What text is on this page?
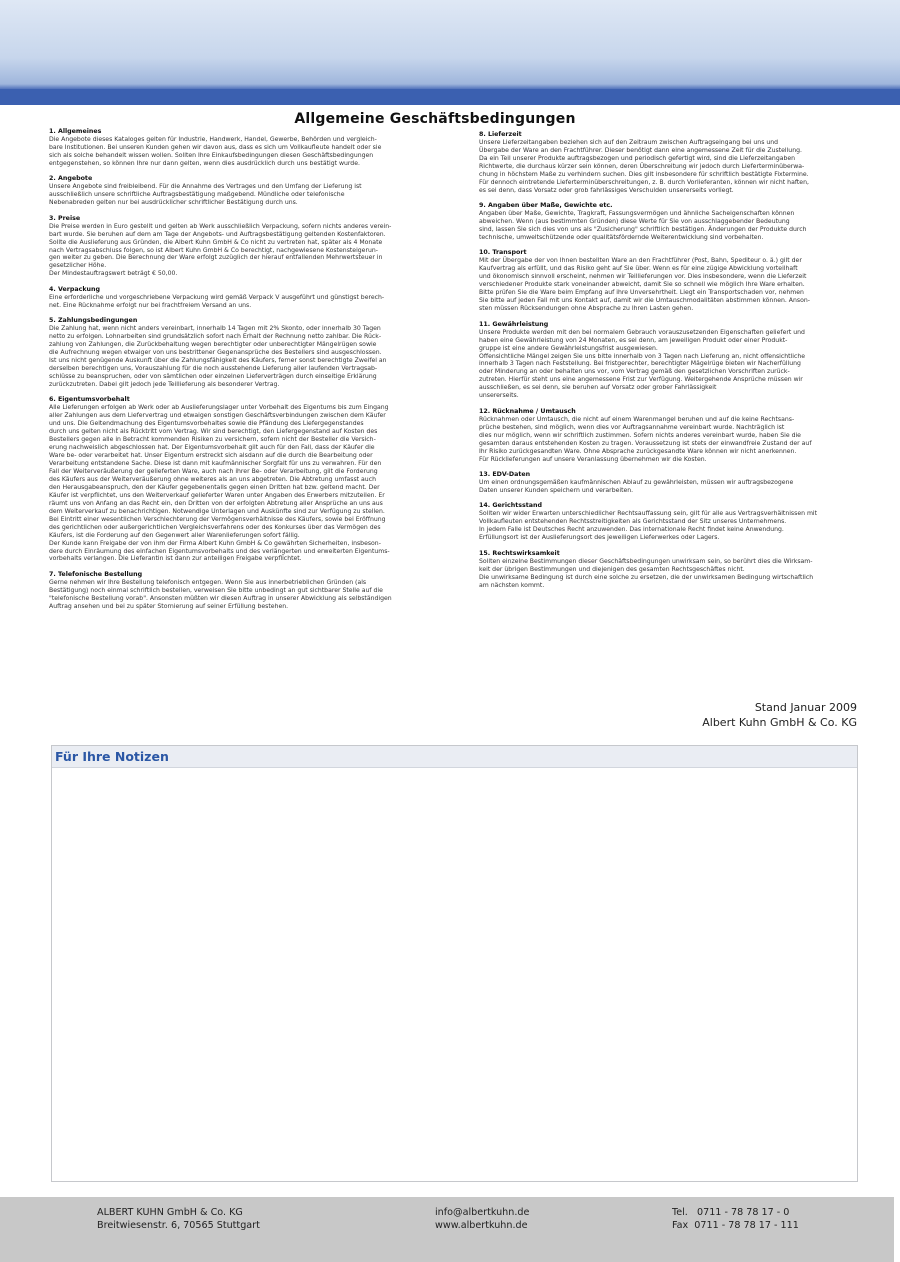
Allgemeine Geschäftsbedingungen
1. Allgemeines

Die Angebote dieses Kataloges gelten für Industrie, Handwerk, Handel, Gewerbe, Behörden und vergleich-
bare Institutionen. Bei unseren Kunden gehen wir davon aus, dass es sich um Vollkaufleute handelt oder sie
sich als solche behandelt wissen wollen. Sollten Ihre Einkaufsbedingungen diesen Geschäftsbedingungen
entgegenstehen, so können Ihre nur dann gelten, wenn dies ausdrücklich durch uns bestätigt wurde.

2. Angebote

Unsere Angebote sind freibleibend. Für die Annahme des Vertrages und den Umfang der Lieferung ist
ausschließlich unsere schriftliche Auftragsbestätigung maßgebend. Mündliche oder telefonische
Nebenabreden gelten nur bei ausdrücklicher schriftlicher Bestätigung durch uns.

3. Preise

Die Preise werden in Euro gestellt und gelten ab Werk ausschließlich Verpackung, sofern nichts anderes verein-
bart wurde. Sie beruhen auf dem am Tage der Angebots- und Auftragsbestätigung geltenden Kostenfaktoren.
Sollte die Auslieferung aus Gründen, die Albert Kuhn GmbH & Co nicht zu vertreten hat, später als 4 Monate
nach Vertragsabschluss folgen, so ist Albert Kuhn GmbH & Co berechtigt, nachgewiesene Kostensteigerun-
gen weiter zu geben. Die Berechnung der Ware erfolgt zuzüglich der hierauf entfallenden Mehrwertsteuer in
gesetzlicher Höhe.
Der Mindestauftragswert beträgt € 50,00.

4. Verpackung

Eine erforderliche und vorgeschriebene Verpackung wird gemäß Verpack V ausgeführt und günstigst berech-
net. Eine Rücknahme erfolgt nur bei frachtfreiem Versand an uns.

5. Zahlungsbedingungen

Die Zahlung hat, wenn nicht anders vereinbart, innerhalb 14 Tagen mit 2% Skonto, oder innerhalb 30 Tagen
netto zu erfolgen. Lohnarbeiten sind grundsätzlich sofort nach Erhalt der Rechnung netto zahlbar. Die Rück-
zahlung von Zahlungen, die Zurückbehaltung wegen berechtigter oder unberechtigter Mängelrügen sowie
die Aufrechnung wegen etwaiger von uns bestrittener Gegenansprüche des Bestellers sind ausgeschlossen.
Ist uns nicht genügende Auskunft über die Zahlungsfähigkeit des Käufers, ferner sonst berechtigte Zweifel an
derselben berechtigen uns, Vorauszahlung für die noch ausstehende Lieferung aller laufenden Vertragsab-
schlüsse zu beanspruchen, oder von sämtlichen oder einzelnen Lieferverträgen durch einseitige Erklärung
zurückzutreten. Dabei gilt jedoch jede Teillieferung als besonderer Vertrag.

6. Eigentumsvorbehalt

Alle Lieferungen erfolgen ab Werk oder ab Auslieferungslager unter Vorbehalt des Eigentums bis zum Eingang
aller Zahlungen aus dem Liefervertrag und etwaigen sonstigen Geschäftsverbindungen zwischen dem Käufer
und uns. Die Geltendmachung des Eigentumsvorbehaltes sowie die Pfändung des Liefergegenstandes
durch uns gelten nicht als Rücktritt vom Vertrag. Wir sind berechtigt, den Liefergegenstand auf Kosten des
Bestellers gegen alle in Betracht kommenden Risiken zu versichern, sofern nicht der Besteller die Versich-
erung nachweislich abgeschlossen hat. Der Eigentumsvorbehalt gilt auch für den Fall, dass der Käufer die
Ware be- oder verarbeitet hat. Unser Eigentum erstreckt sich alsdann auf die durch die Bearbeitung oder
Verarbeitung entstandene Sache. Diese ist dann mit kaufmännischer Sorgfalt für uns zu verwahren. Für den
Fall der Weiterveräußerung der gelieferten Ware, auch nach ihrer Be- oder Verarbeitung, gilt die Forderung
des Käufers aus der Weiterveräußerung ohne weiteres als an uns abgetreten. Die Abtretung umfasst auch
den Herausgabeanspruch, den der Käufer gegebenentalls gegen einen Dritten hat bzw. geltend macht. Der
Käufer ist verpflichtet, uns den Weiterverkauf gelieferter Waren unter Angaben des Erwerbers mitzuteilen. Er
räumt uns von Anfang an das Recht ein, den Dritten von der erfolgten Abtretung aller Ansprüche an uns aus
dem Weiterverkauf zu benachrichtigen. Notwendige Unterlagen und Auskünfte sind zur Verfügung zu stellen.
Bei Eintritt einer wesentlichen Verschlechterung der Vermögensverhältnisse des Käufers, sowie bei Eröffnung
des gerichtlichen oder außergerichtlichen Vergleichsverfahrens oder des Konkurses über das Vermögen des
Käufers, ist die Forderung auf den Gegenwert aller Warenlieferungen sofort fällig.
Der Kunde kann Freigabe der von ihm der Firma Albert Kuhn GmbH & Co gewährten Sicherheiten, insbeson-
dere durch Einräumung des einfachen Eigentumsvorbehalts und des verlängerten und erweiterten Eigentums-
vorbehalts verlangen. Die Lieferantin ist dann zur anteiligen Freigabe verpflichtet.

7. Telefonische Bestellung

Gerne nehmen wir Ihre Bestellung telefonisch entgegen. Wenn Sie aus innerbetrieblichen Gründen (als
Bestätigung) noch einmal schriftlich bestellen, verweisen Sie bitte unbedingt an gut sichtbarer Stelle auf die
"telefonische Bestellung vorab". Ansonsten müßten wir diesen Auftrag in unserer Abwicklung als selbständigen
Auftrag ansehen und bei zu später Stornierung auf seiner Erfüllung bestehen.

8. Lieferzeit

Unsere Lieferzeitangaben beziehen sich auf den Zeitraum zwischen Auftragseingang bei uns und
Übergabe der Ware an den Frachtführer. Dieser benötigt dann eine angemessene Zeit für die Zustellung.
Da ein Teil unserer Produkte auftragsbezogen und periodisch gefertigt wird, sind die Lieferzeitangaben
Richtwerte, die durchaus kürzer sein können, deren Überschreitung wir jedoch durch Lieferterminüberwa-
chung in höchstem Maße zu verhindern suchen. Dies gilt insbesondere für schriftlich bestätigte Fixtermine.
Für dennoch eintretende Lieferterminüberschreitungen, z. B. durch Vorlieferanten, können wir nicht haften,
es sei denn, dass Vorsatz oder grob fahrlässiges Verschulden unsererseits vorliegt.

9. Angaben über Maße, Gewichte etc.

Angaben über Maße, Gewichte, Tragkraft, Fassungsvermögen und ähnliche Sacheigenschaften können
abweichen. Wenn (aus bestimmten Gründen) diese Werte für Sie von ausschlaggebender Bedeutung
sind, lassen Sie sich dies von uns als "Zusicherung" schriftlich bestätigen. Änderungen der Produkte durch
technische, umweltschützende oder qualitätsfördernde Weiterentwicklung sind vorbehalten.

10. Transport

Mit der Übergabe der von Ihnen bestellten Ware an den Frachtführer (Post, Bahn, Spediteur o. ä.) gilt der
Kaufvertrag als erfüllt, und das Risiko geht auf Sie über. Wenn es für eine zügige Abwicklung vorteilhaft
und ökonomisch sinnvoll erscheint, nehmen wir Teillieferungen vor. Dies insbesondere, wenn die Lieferzeit
verschiedener Produkte stark voneinander abweicht, damit Sie so schnell wie möglich Ihre Ware erhalten.
Bitte prüfen Sie die Ware beim Empfang auf ihre Unversehrtheit. Liegt ein Transportschaden vor, nehmen
Sie bitte auf jeden Fall mit uns Kontakt auf, damit wir die Umtauschmodalitäten abstimmen können. Anson-
sten müssen Rücksendungen ohne Absprache zu Ihren Lasten gehen.

11. Gewährleistung

Unsere Produkte werden mit den bei normalem Gebrauch vorauszusetzenden Eigenschaften geliefert und
haben eine Gewährleistung von 24 Monaten, es sei denn, am jeweiligen Produkt oder einer Produkt-
gruppe ist eine andere Gewährleistungsfrist ausgewiesen.
Offensichtliche Mängel zeigen Sie uns bitte innerhalb von 3 Tagen nach Lieferung an, nicht offensichtliche
innerhalb 3 Tagen nach Feststellung. Bei fristgerechter, berechtigter Mägelrüge bieten wir Nacherfüllung
oder Minderung an oder behalten uns vor, vom Vertrag gemäß den gesetzlichen Vorschriften zurück-
zutreten. Hierfür steht uns eine angemessene Frist zur Verfügung. Weitergehende Ansprüche müssen wir
ausschließen, es sei denn, sie beruhen auf Vorsatz oder grober Fahrlässigkeit
unsererseits.

12. Rücknahme / Umtausch

Rücknahmen oder Umtausch, die nicht auf einem Warenmangel beruhen und auf die keine Rechtsans-
prüche bestehen, sind möglich, wenn dies vor Auftragsannahme vereinbart wurde. Nachträglich ist
dies nur möglich, wenn wir schriftlich zustimmen. Sofern nichts anderes vereinbart wurde, haben Sie die
gesamten daraus entstehenden Kosten zu tragen. Voraussetzung ist stets der einwandfreie Zustand der auf
Ihr Risiko zurückgesandten Ware. Ohne Absprache zurückgesandte Ware können wir nicht anerkennen.
Für Rücklieferungen auf unsere Veranlassung übernehmen wir die Kosten.

13. EDV-Daten

Um einen ordnungsgemäßen kaufmännischen Ablauf zu gewährleisten, müssen wir auftragsbezogene
Daten unserer Kunden speichern und verarbeiten.

14. Gerichtsstand

Sollten wir wider Erwarten unterschiedlicher Rechtsauffassung sein, gilt für alle aus Vertragsverhältnissen mit
Vollkaufleuten entstehenden Rechtsstreitigkeiten als Gerichtsstand der Sitz unseres Unternehmens.
In jedem Falle ist Deutsches Recht anzuwenden. Das internationale Recht findet keine Anwendung.
Erfüllungsort ist der Auslieferungsort des jeweiligen Lieferwerkes oder Lagers.

15. Rechtswirksamkeit

Sollten einzelne Bestimmungen dieser Geschäftsbedingungen unwirksam sein, so berührt dies die Wirksam-
keit der übrigen Bestimmungen und diejenigen des gesamten Rechtsgeschäftes nicht.
Die unwirksame Bedingung ist durch eine solche zu ersetzen, die der unwirksamen Bedingung wirtschaftlich
am nächsten kommt.

Stand Januar 2009
Albert Kuhn GmbH & Co. KG
Für Ihre Notizen
ALBERT KUHN GmbH & Co. KG
Breitwiesenstr. 6, 70565 Stuttgart
info@albertkuhn.de
www.albertkuhn.de
Tel.   0711 - 78 78 17 - 0
Fax  0711 - 78 78 17 - 111
